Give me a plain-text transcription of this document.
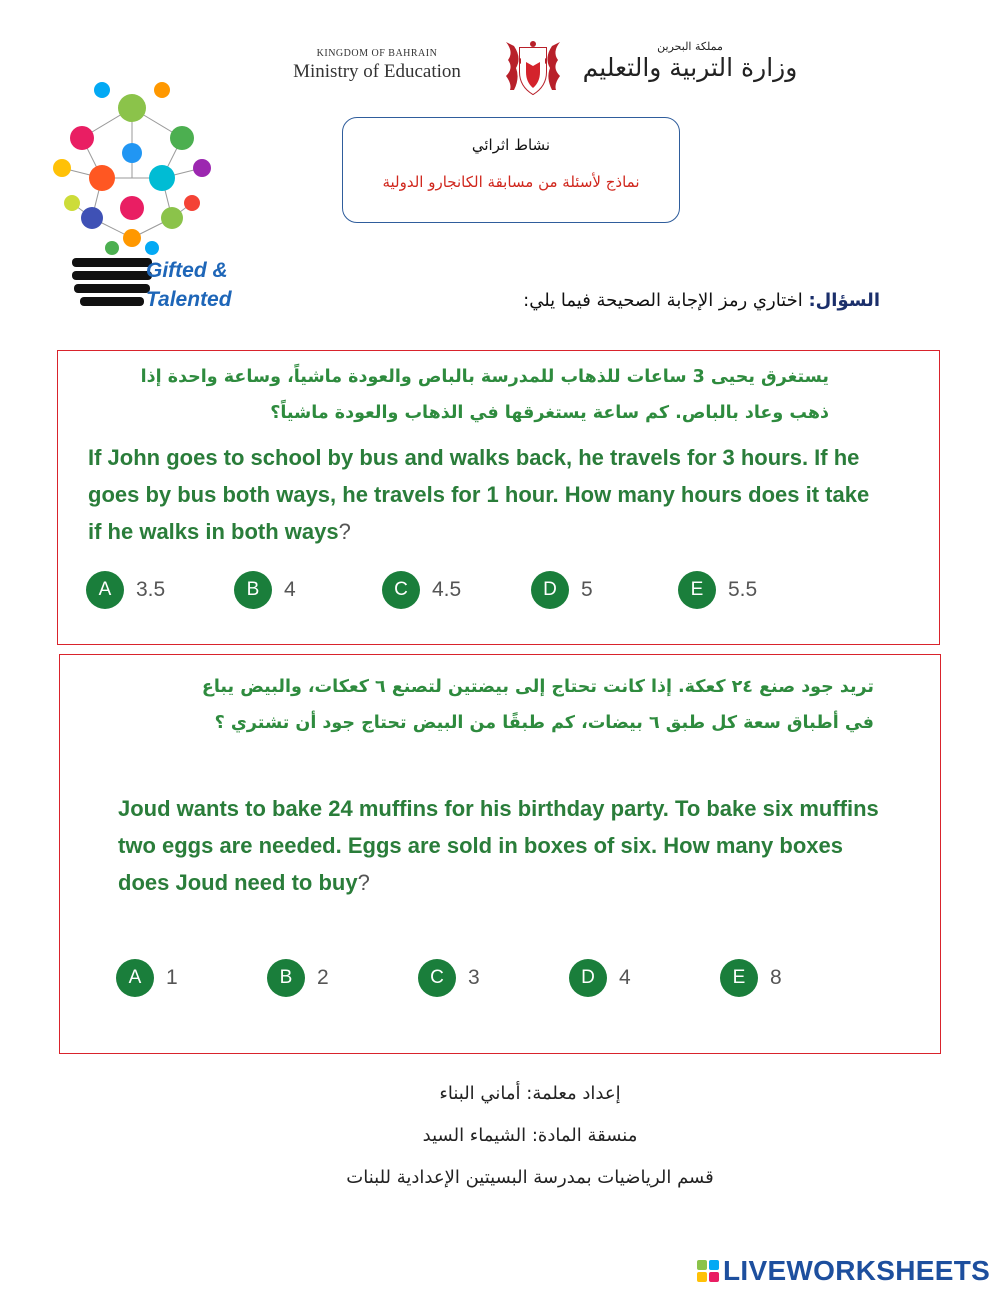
KINGDOM OF BAHRAIN
Ministry of Education
مملكة البحرين
وزارة التربية والتعليم
Gifted &
Talented
نشاط اثرائي
نماذج لأسئلة من مسابقة الكانجارو الدولية
السؤال: اختاري رمز الإجابة الصحيحة فيما يلي:
يستغرق يحيى 3 ساعات للذهاب للمدرسة بالباص والعودة ماشياً، وساعة واحدة إذا
ذهب وعاد بالباص. كم ساعة يستغرقها في الذهاب والعودة ماشياً؟
If John goes to school by bus and walks back, he travels for 3 hours. If he
goes by bus both ways, he travels for 1 hour. How many hours does it take
if he walks in both ways?
A	3.5	B	4	C	4.5	D	5	E	5.5
تريد جود صنع ٢٤ كعكة. إذا كانت تحتاج إلى بيضتين لتصنع ٦ كعكات، والبيض يباع
في أطباق سعة كل طبق ٦ بيضات، كم طبقًا من البيض تحتاج جود أن تشتري ؟
Joud wants to bake 24 muffins for his birthday party. To bake six muffins
two eggs are needed. Eggs are sold in boxes of six. How many boxes
does Joud need to buy?
A	1	B	2	C	3	D	4	E	8
إعداد معلمة: أماني البناء
منسقة المادة: الشيماء السيد
قسم الرياضيات بمدرسة البسيتين الإعدادية للبنات
LIVEWORKSHEETS
